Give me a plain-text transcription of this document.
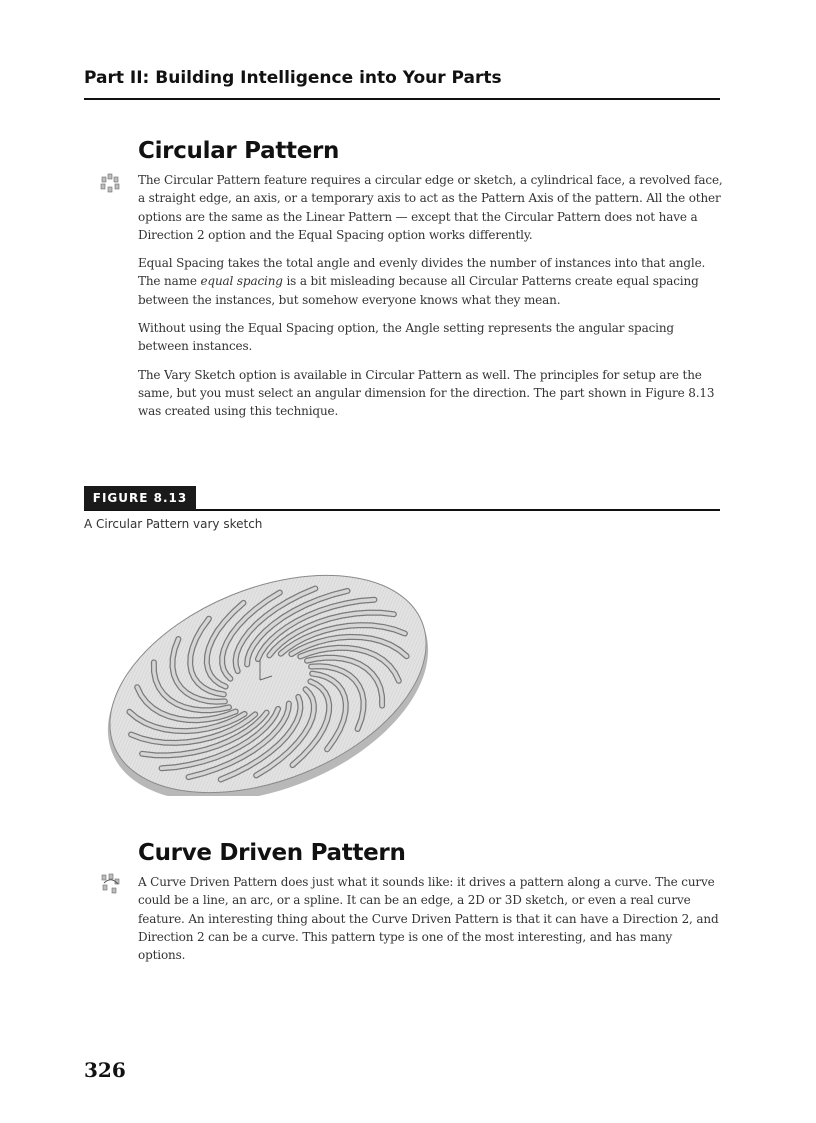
Part II: Building Intelligence into Your Parts
Circular Pattern

The Circular Pattern feature requires a circular edge or sketch, a cylindrical face, a revolved face, a straight edge, an axis, or a temporary axis to act as the Pattern Axis of the pattern. All the other options are the same as the Linear Pattern — except that the Circular Pattern does not have a Direction 2 option and the Equal Spacing option works differently.

Equal Spacing takes the total angle and evenly divides the number of instances into that angle. The name equal spacing is a bit misleading because all Circular Patterns create equal spacing between the instances, but somehow everyone knows what they mean.

Without using the Equal Spacing option, the Angle setting represents the angular spacing between instances.

The Vary Sketch option is available in Circular Pattern as well. The principles for setup are the same, but you must select an angular dimension for the direction. The part shown in Figure 8.13 was created using this technique.

FIGURE 8.13
A Circular Pattern vary sketch
Curve Driven Pattern

A Curve Driven Pattern does just what it sounds like: it drives a pattern along a curve. The curve could be a line, an arc, or a spline. It can be an edge, a 2D or 3D sketch, or even a real curve feature. An interesting thing about the Curve Driven Pattern is that it can have a Direction 2, and Direction 2 can be a curve. This pattern type is one of the most interesting, and has many options.

326
